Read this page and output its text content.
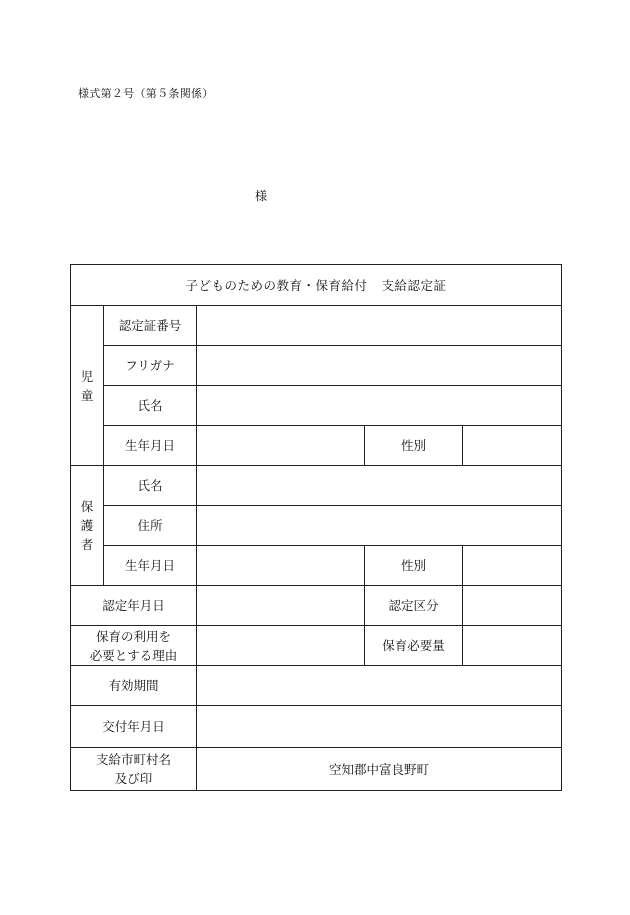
様式第２号（第５条関係）
様
子どものための教育・保育給付 支給認定証				
児童	認定証番号			
	フリガナ			
	氏名			
	生年月日		性別	
保護者	氏名			
	住所			
	生年月日		性別	
認定年月日			認定区分	
保育の利用を
必要とする理由			保育必要量	
有効期間				
交付年月日				
支給市町村名
及び印		空知郡中富良野町		
